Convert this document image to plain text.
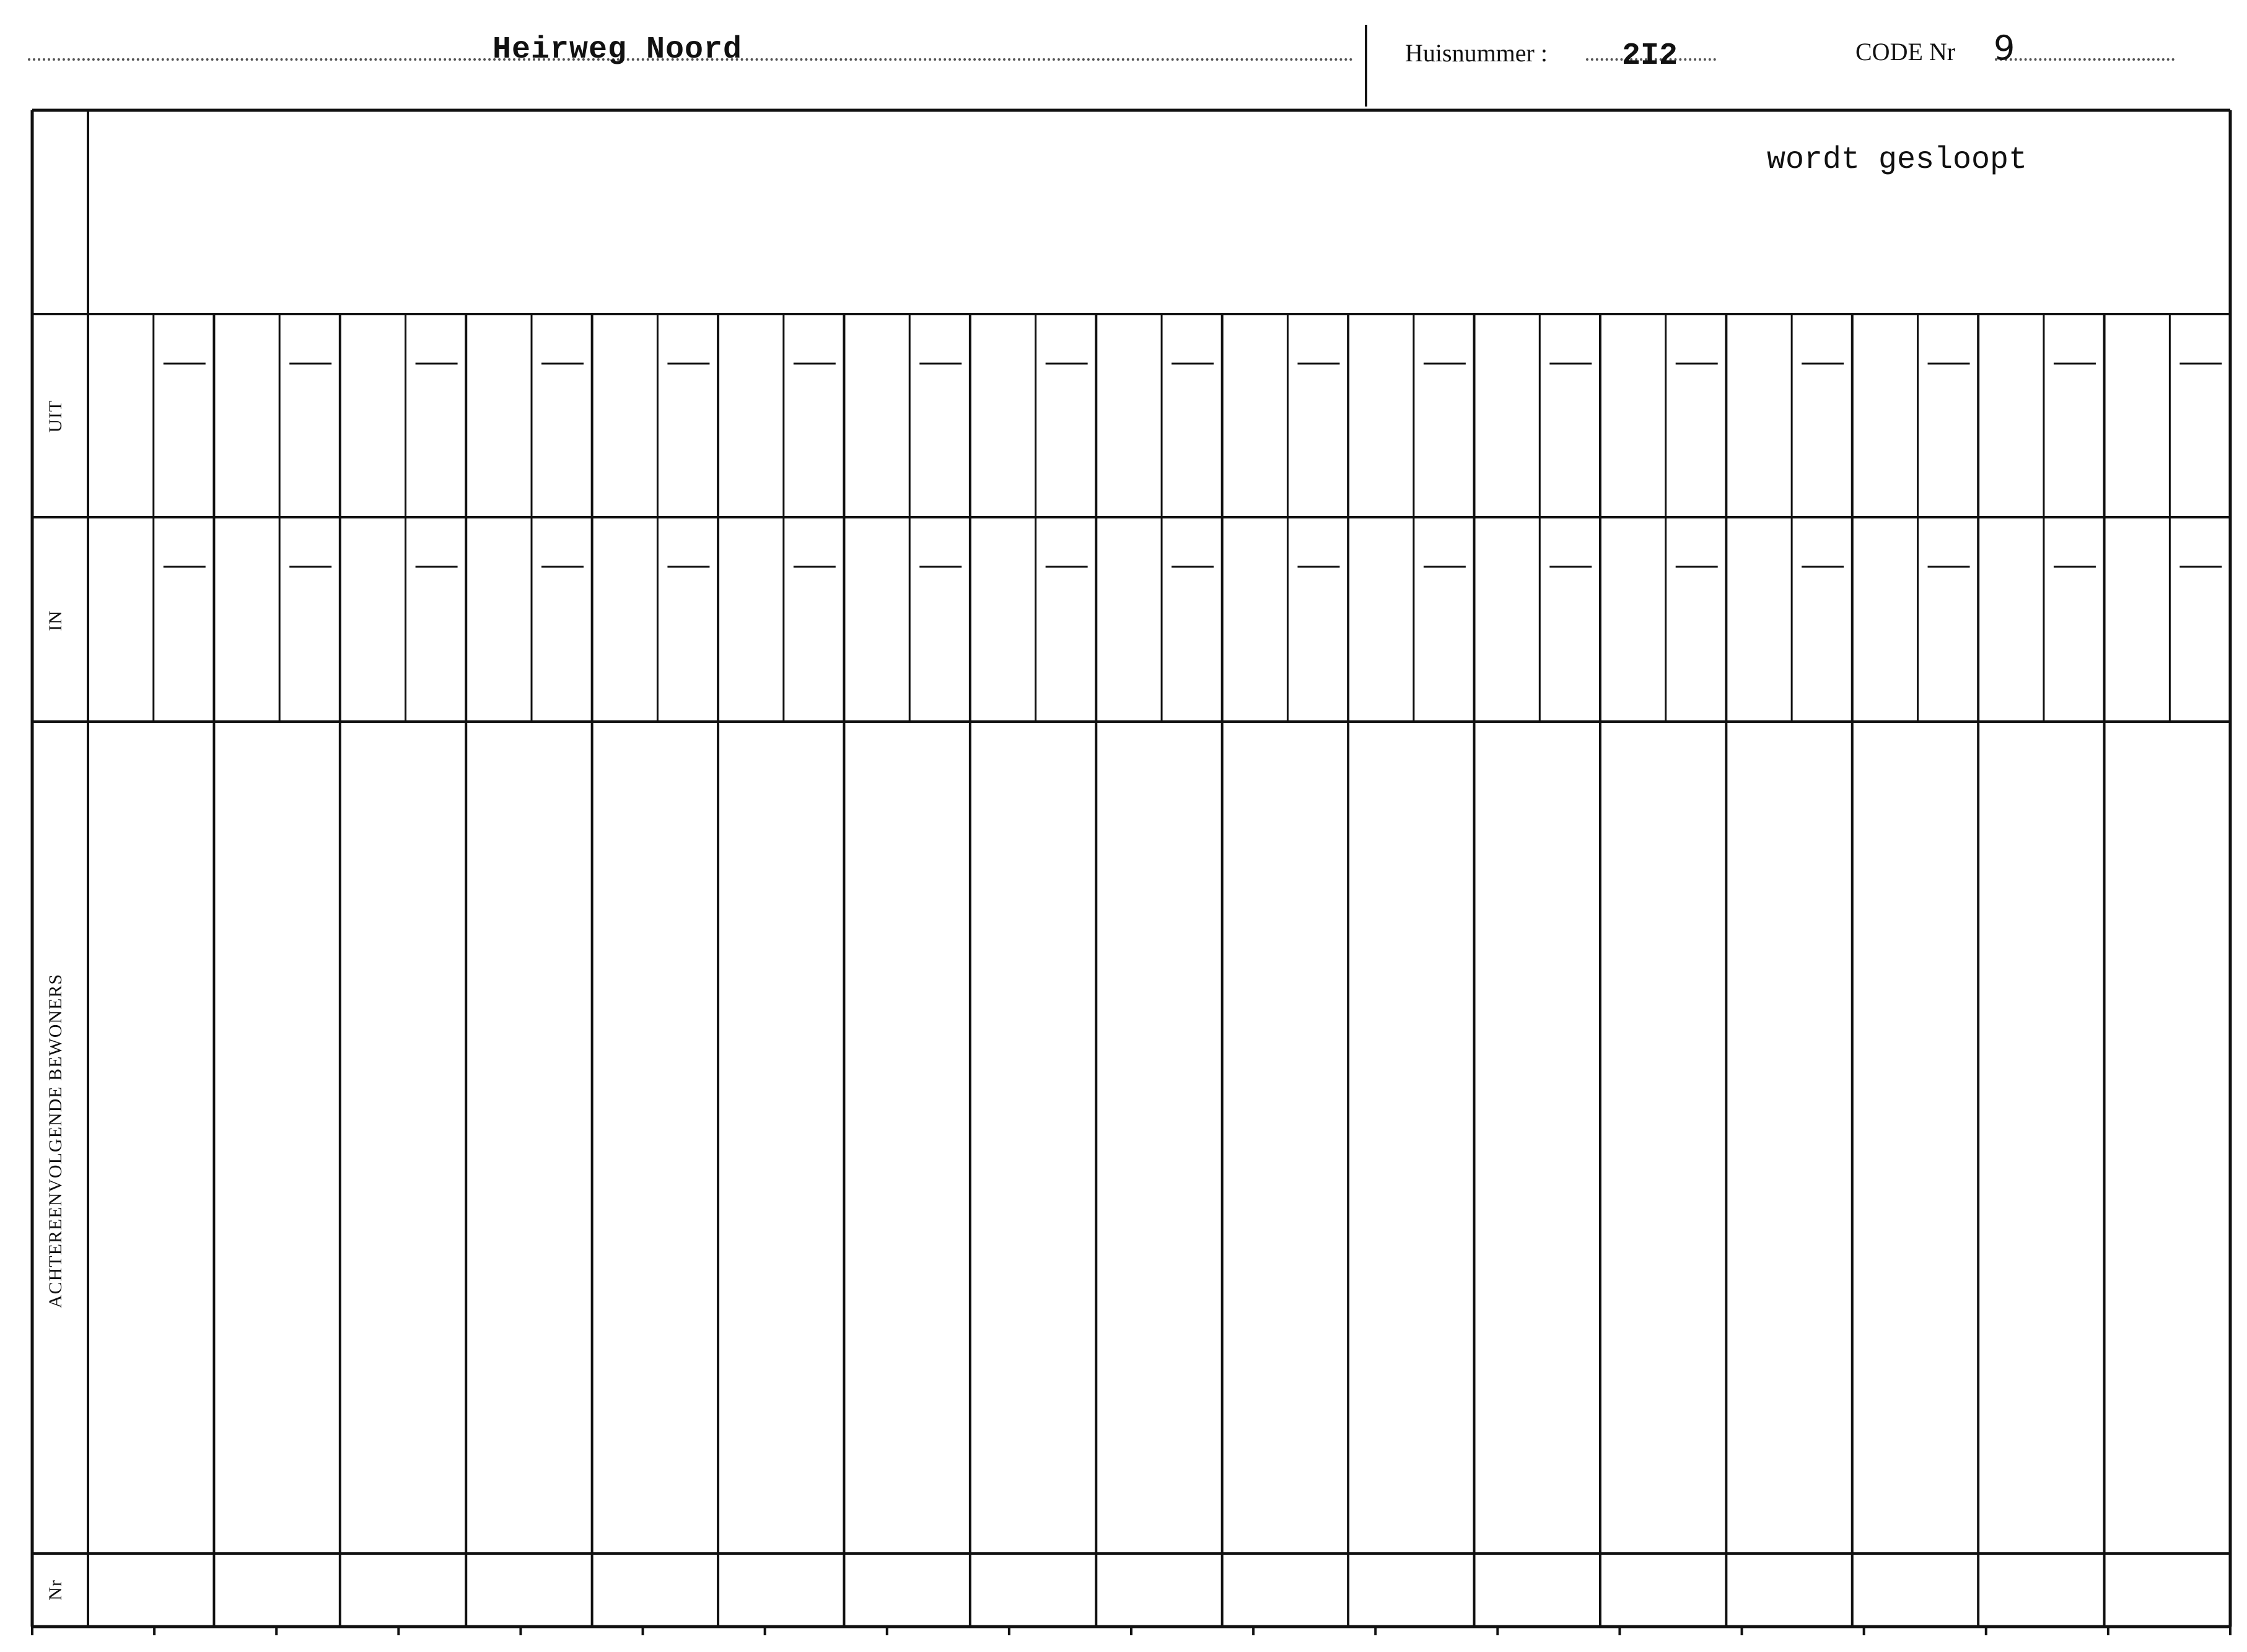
Heirweg Noord	Huisnummer : 2I2	CODE Nr 9
wordt gesloopt
UIT
IN
ACHTEREENVOLGENDE BEWONERS
Nr
